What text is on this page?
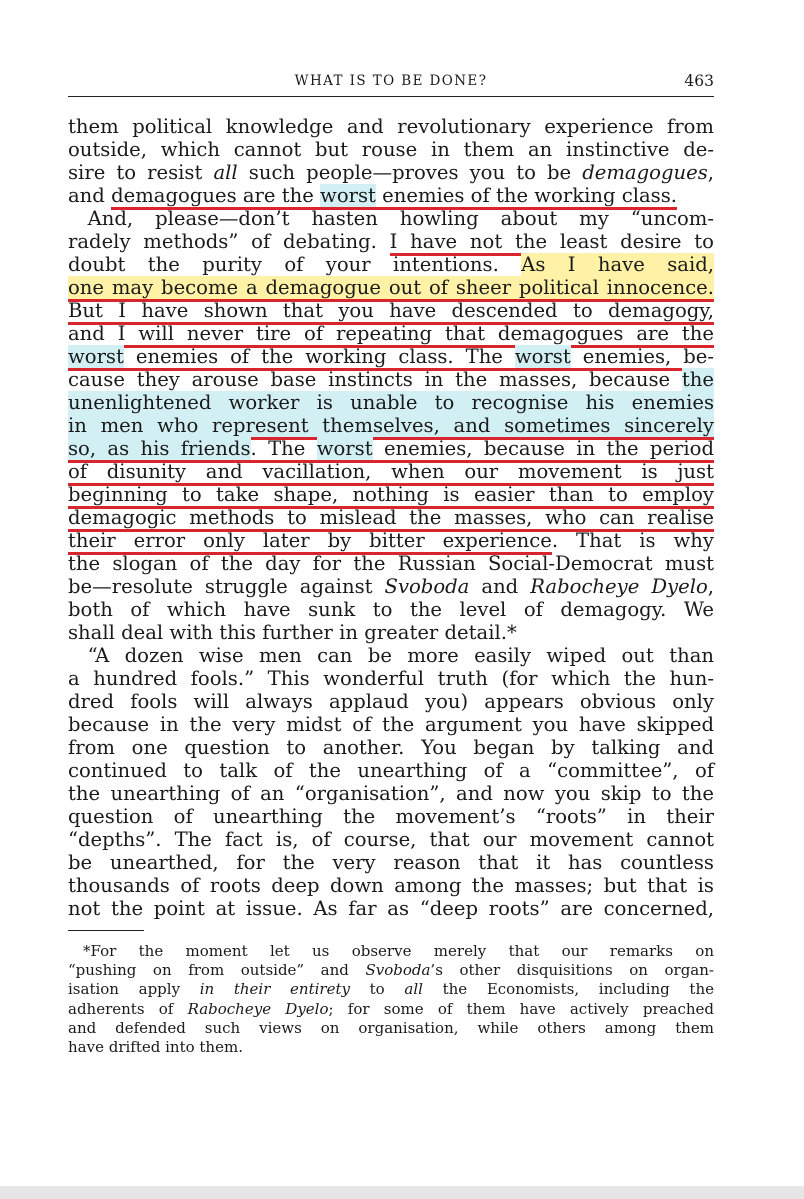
WHAT IS TO BE DONE?	463
them political knowledge and revolutionary experience from
outside, which cannot but rouse in them an instinctive de-
sire to resist all such people—proves you to be demagogues,
and demagogues are the worst enemies of the working class.
 And, please—don’t hasten howling about my “uncom-
radely methods” of debating. I have not the least desire to
doubt the purity of your intentions. As I have said,
one may become a demagogue out of sheer political innocence.
But I have shown that you have descended to demagogy,
and I will never tire of repeating that demagogues are the
worst enemies of the working class. The worst enemies, be-
cause they arouse base instincts in the masses, because the
unenlightened worker is unable to recognise his enemies
in men who represent themselves, and sometimes sincerely
so, as his friends. The worst enemies, because in the period
of disunity and vacillation, when our movement is just
beginning to take shape, nothing is easier than to employ
demagogic methods to mislead the masses, who can realise
their error only later by bitter experience. That is why
the slogan of the day for the Russian Social-Democrat must
be—resolute struggle against Svoboda and Rabocheye Dyelo,
both of which have sunk to the level of demagogy. We
shall deal with this further in greater detail.*
 “A dozen wise men can be more easily wiped out than
a hundred fools.” This wonderful truth (for which the hun-
dred fools will always applaud you) appears obvious only
because in the very midst of the argument you have skipped
from one question to another. You began by talking and
continued to talk of the unearthing of a “committee”, of
the unearthing of an “organisation”, and now you skip to the
question of unearthing the movement’s “roots” in their
“depths”. The fact is, of course, that our movement cannot
be unearthed, for the very reason that it has countless
thousands of roots deep down among the masses; but that is
not the point at issue. As far as “deep roots” are concerned,
 *For the moment let us observe merely that our remarks on
“pushing on from outside” and Svoboda’s other disquisitions on organ-
isation apply in their entirety to all the Economists, including the
adherents of Rabocheye Dyelo; for some of them have actively preached
and defended such views on organisation, while others among them
have drifted into them.
